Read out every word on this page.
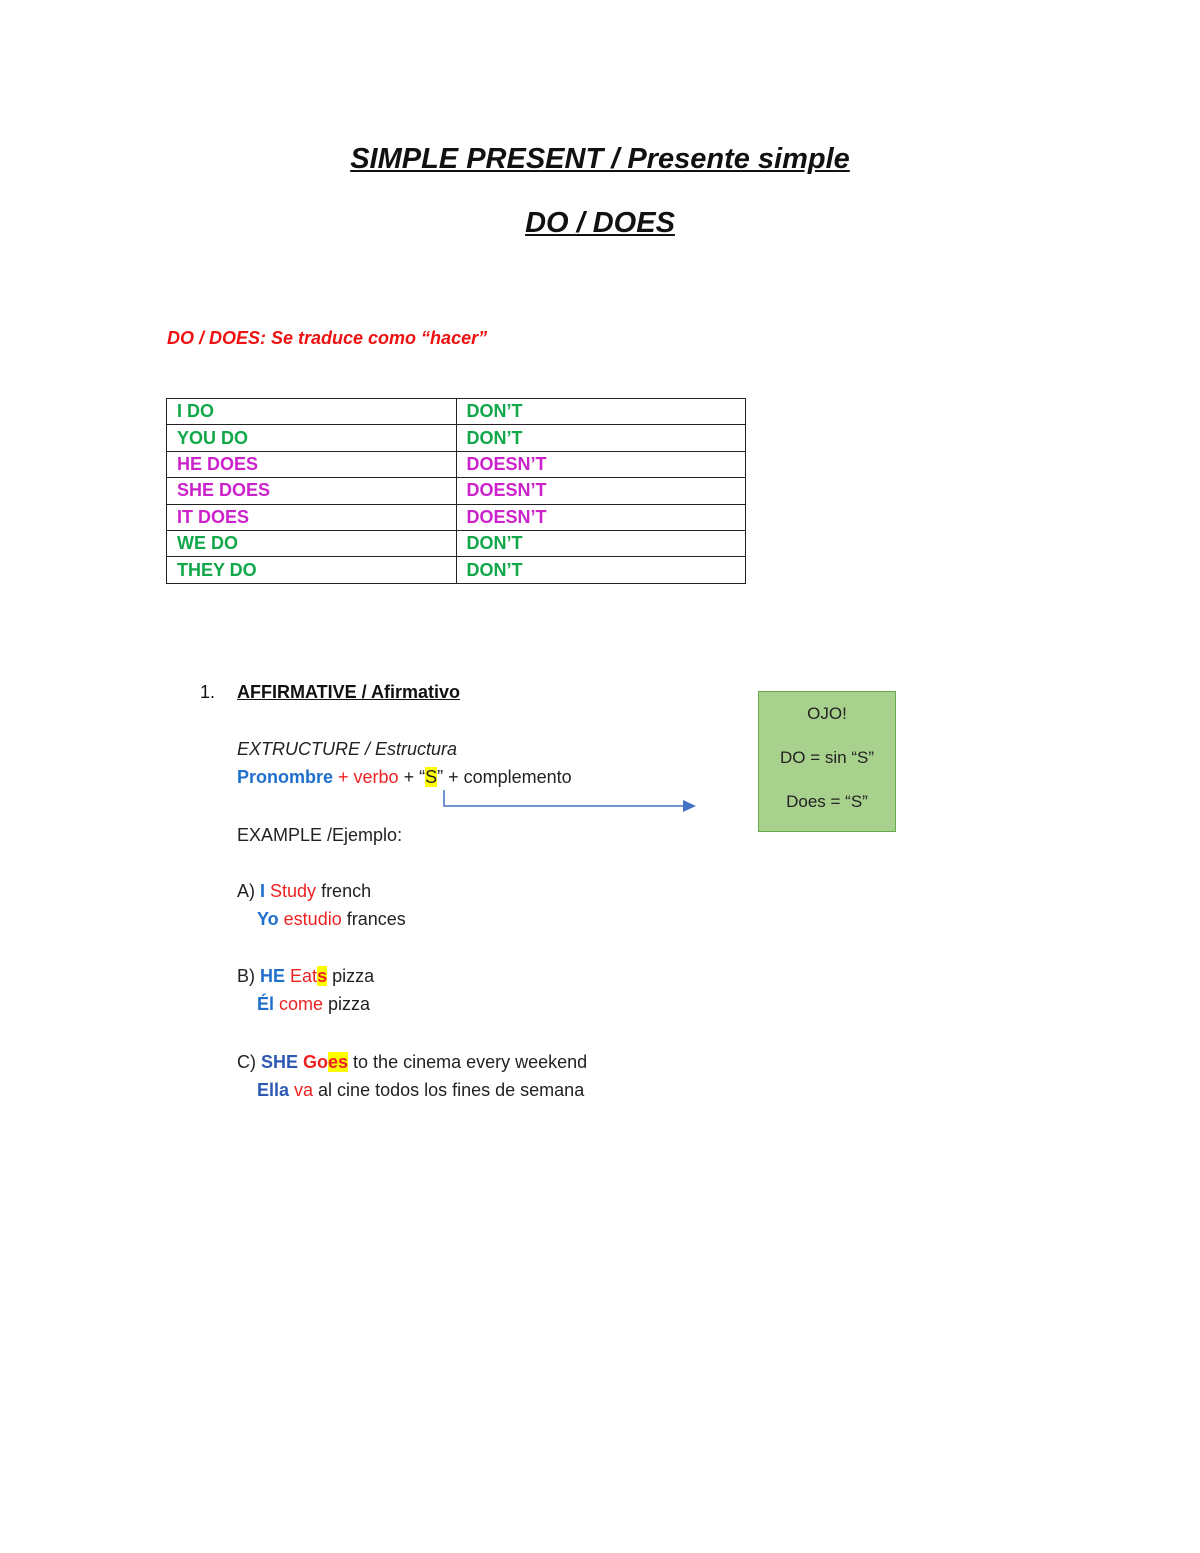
SIMPLE PRESENT / Presente simple
DO / DOES
DO / DOES: Se traduce como “hacer”
I DO	DON’T
YOU DO	DON’T
HE DOES	DOESN’T
SHE DOES	DOESN’T
IT DOES	DOESN’T
WE DO	DON’T
THEY DO	DON’T
1. AFFIRMATIVE / Afirmativo
EXTRUCTURE / Estructura
Pronombre + verbo + “S” + complemento
EXAMPLE /Ejemplo:
A) I Study french
Yo estudio frances
B) HE Eats pizza
Él come pizza
C) SHE Goes to the cinema every weekend
Ella va al cine todos los fines de semana
OJO!
DO = sin “S”
Does = “S”
